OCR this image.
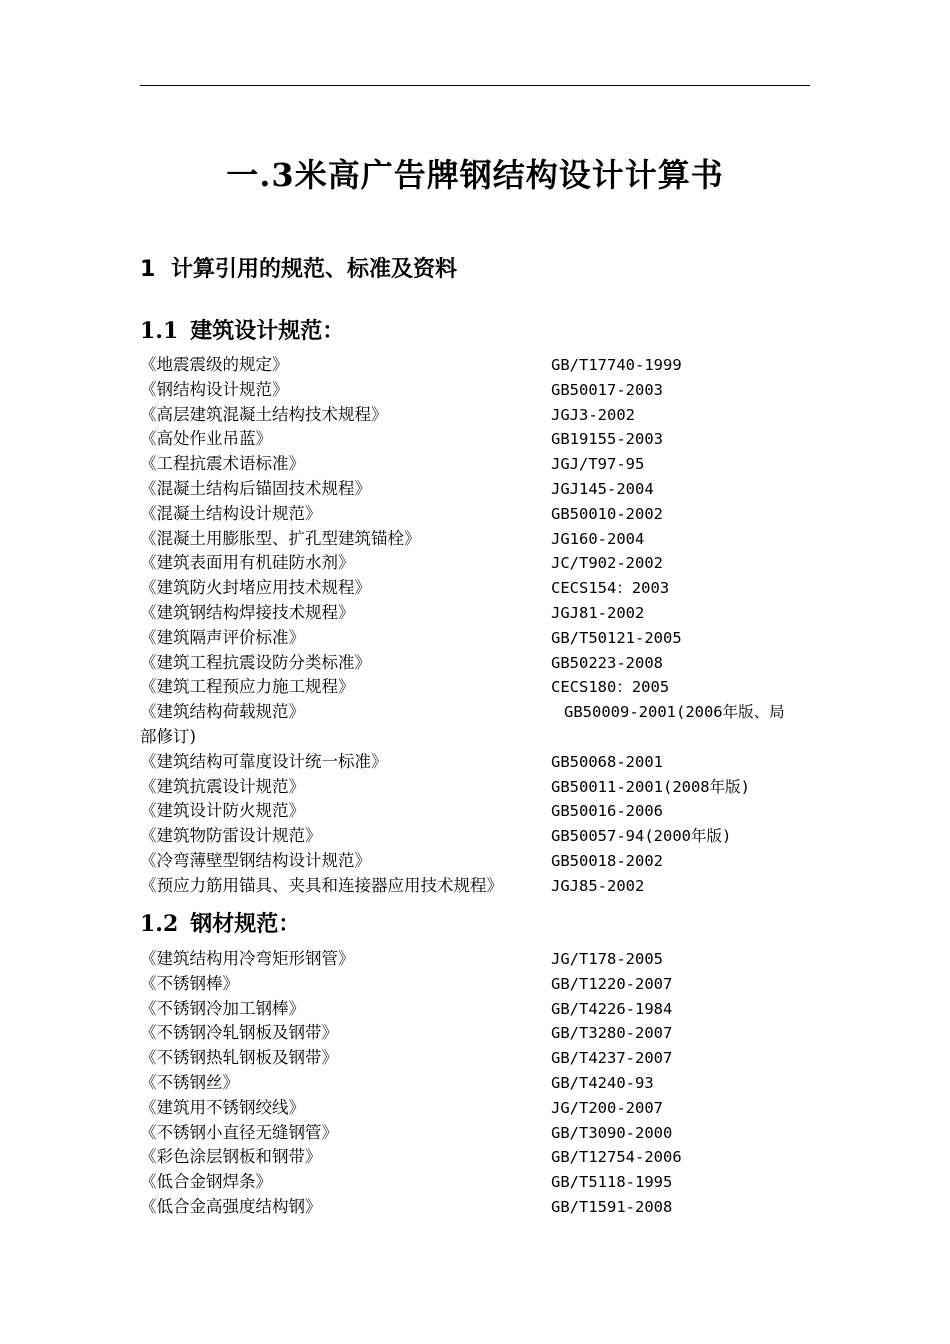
一.3米高广告牌钢结构设计计算书
1 计算引用的规范、标准及资料
1.1 建筑设计规范：
《地震震级的规定》	GB/T17740-1999
《钢结构设计规范》	GB50017-2003
《高层建筑混凝土结构技术规程》	JGJ3-2002
《高处作业吊蓝》	GB19155-2003
《工程抗震术语标准》	JGJ/T97-95
《混凝土结构后锚固技术规程》	JGJ145-2004
《混凝土结构设计规范》	GB50010-2002
《混凝土用膨胀型、扩孔型建筑锚栓》	JG160-2004
《建筑表面用有机硅防水剂》	JC/T902-2002
《建筑防火封堵应用技术规程》	CECS154：2003
《建筑钢结构焊接技术规程》	JGJ81-2002
《建筑隔声评价标准》	GB/T50121-2005
《建筑工程抗震设防分类标准》	GB50223-2008
《建筑工程预应力施工规程》	CECS180：2005
《建筑结构荷载规范》	GB50009-2001(2006年版、局
部修订)
《建筑结构可靠度设计统一标准》	GB50068-2001
《建筑抗震设计规范》	GB50011-2001(2008年版)
《建筑设计防火规范》	GB50016-2006
《建筑物防雷设计规范》	GB50057-94(2000年版)
《冷弯薄壁型钢结构设计规范》	GB50018-2002
《预应力筋用锚具、夹具和连接器应用技术规程》	JGJ85-2002
1.2 钢材规范：
《建筑结构用冷弯矩形钢管》	JG/T178-2005
《不锈钢棒》	GB/T1220-2007
《不锈钢冷加工钢棒》	GB/T4226-1984
《不锈钢冷轧钢板及钢带》	GB/T3280-2007
《不锈钢热轧钢板及钢带》	GB/T4237-2007
《不锈钢丝》	GB/T4240-93
《建筑用不锈钢绞线》	JG/T200-2007
《不锈钢小直径无缝钢管》	GB/T3090-2000
《彩色涂层钢板和钢带》	GB/T12754-2006
《低合金钢焊条》	GB/T5118-1995
《低合金高强度结构钢》	GB/T1591-2008
